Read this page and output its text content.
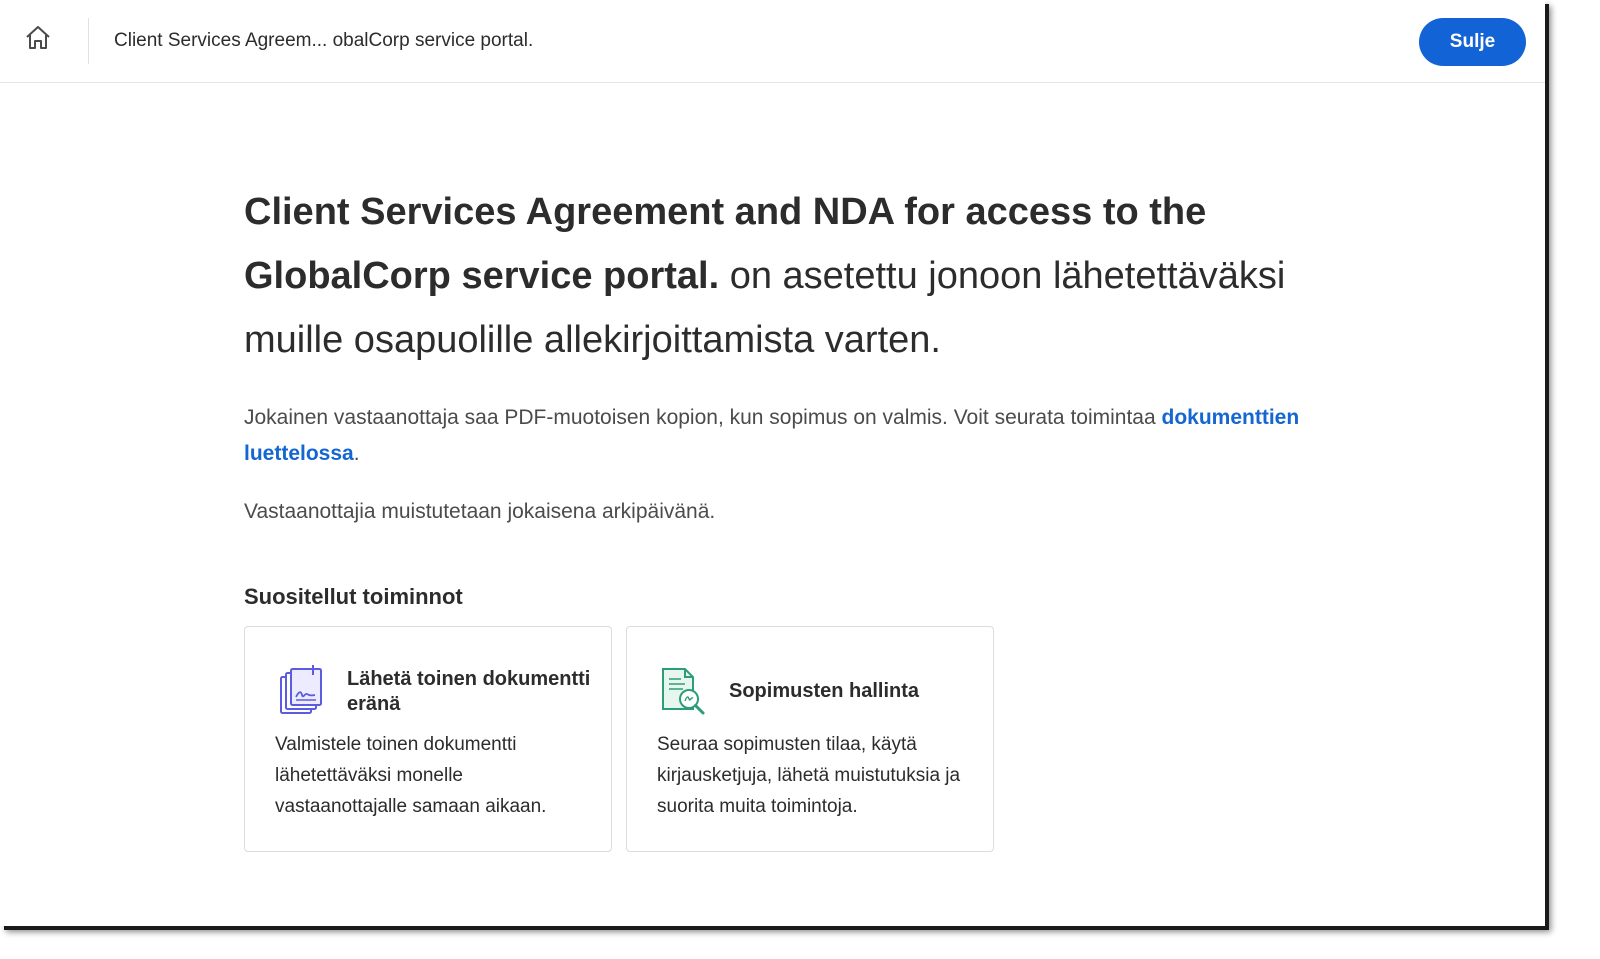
Client Services Agreem... obalCorp service portal.	Sulje
Client Services Agreement and NDA for access to the GlobalCorp service portal. on asetettu jonoon lähetettäväksi muille osapuolille allekirjoittamista varten.

Jokainen vastaanottaja saa PDF-muotoisen kopion, kun sopimus on valmis. Voit seurata toimintaa dokumenttien luettelossa.

Vastaanottajia muistutetaan jokaisena arkipäivänä.

Suositellut toiminnot
Lähetä toinen dokumentti eränä
Valmistele toinen dokumentti lähetettäväksi monelle vastaanottajalle samaan aikaan.
Sopimusten hallinta
Seuraa sopimusten tilaa, käytä kirjausketjuja, lähetä muistutuksia ja suorita muita toimintoja.
